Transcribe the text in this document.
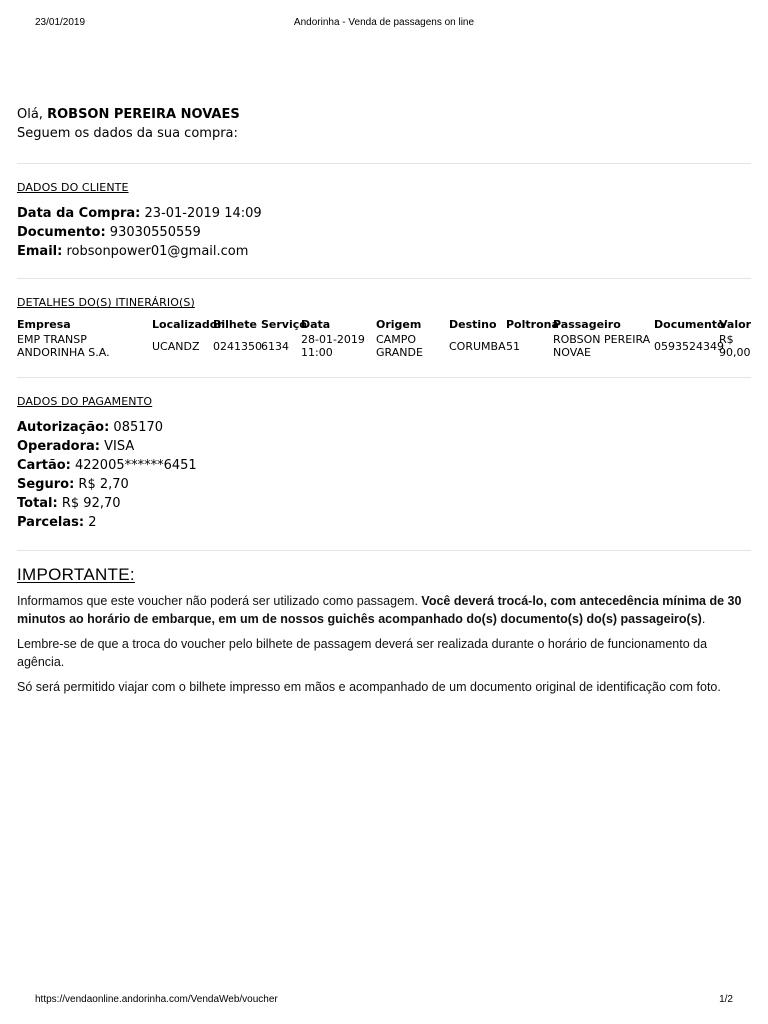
23/01/2019	Andorinha - Venda de passagens on line
Olá, ROBSON PEREIRA NOVAES
Seguem os dados da sua compra:
DADOS DO CLIENTE
Data da Compra: 23-01-2019 14:09
Documento: 93030550559
Email: robsonpower01@gmail.com
DETALHES DO(S) ITINERÁRIO(S)
Empresa	Localizador	Bilhete	Serviço	Data	Origem	Destino	Poltrona	Passageiro	Documento	Valor
EMP TRANSP ANDORINHA S.A.	UCANDZ	0241350	6134	28-01-2019 11:00	CAMPO GRANDE	CORUMBA	51	ROBSON PEREIRA NOVAE	0593524349	R$ 90,00
DADOS DO PAGAMENTO
Autorização: 085170
Operadora: VISA
Cartão: 422005******6451
Seguro: R$ 2,70
Total: R$ 92,70
Parcelas: 2
IMPORTANTE:

Informamos que este voucher não poderá ser utilizado como passagem. Você deverá trocá-lo, com antecedência mínima de 30 minutos ao horário de embarque, em um de nossos guichês acompanhado do(s) documento(s) do(s) passageiro(s).

Lembre-se de que a troca do voucher pelo bilhete de passagem deverá ser realizada durante o horário de funcionamento da agência.

Só será permitido viajar com o bilhete impresso em mãos e acompanhado de um documento original de identificação com foto.

https://vendaonline.andorinha.com/VendaWeb/voucher	1/2
